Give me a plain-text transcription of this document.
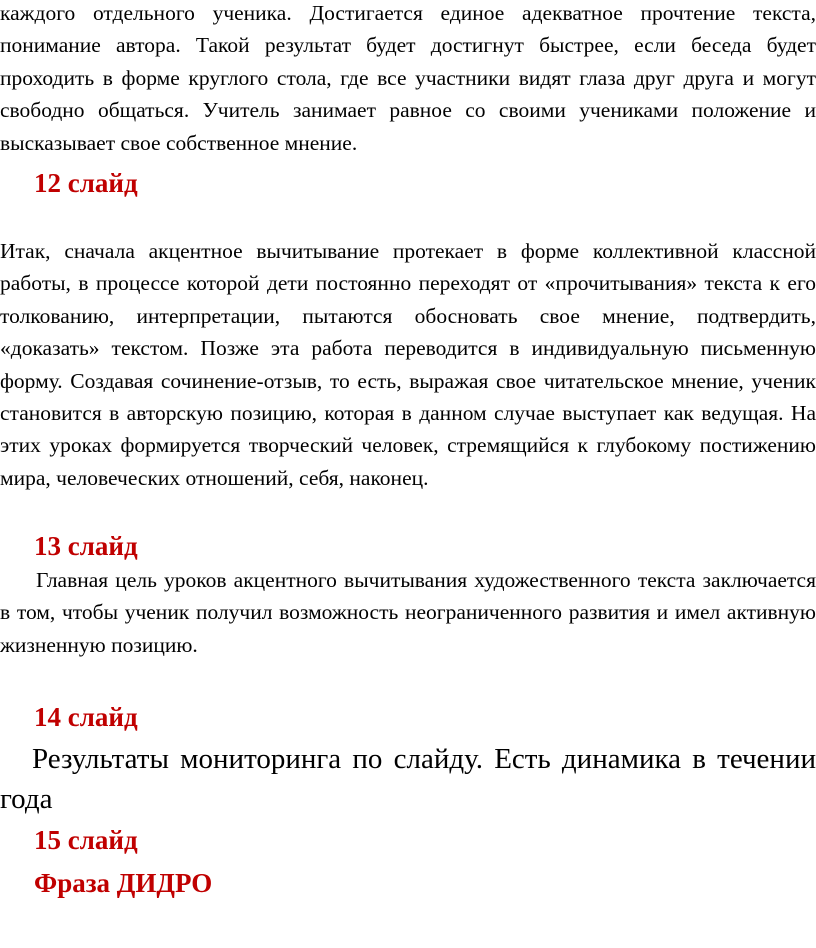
каждого отдельного ученика. Достигается единое адекватное прочтение текста, понимание автора. Такой результат будет достигнут быстрее, если беседа будет проходить в форме круглого стола, где все участники видят глаза друг друга и могут свободно общаться. Учитель занимает равное со своими учениками положение и высказывает свое собственное мнение.

12 слайд

Итак, сначала акцентное вычитывание протекает в форме коллективной классной работы, в процессе которой дети постоянно переходят от «прочитывания» текста к его толкованию, интерпретации, пытаются обосновать свое мнение, подтвердить, «доказать» текстом. Позже эта работа переводится в индивидуальную письменную форму. Создавая сочинение-отзыв, то есть, выражая свое читательское мнение, ученик становится в авторскую позицию, которая в данном случае выступает как ведущая. На этих уроках формируется творческий человек, стремящийся к глубокому постижению мира, человеческих отношений, себя, наконец.

13 слайд

Главная цель уроков акцентного вычитывания художественного текста заключается в том, чтобы ученик получил возможность неограниченного развития и имел активную жизненную позицию.

14 слайд

Результаты мониторинга по слайду. Есть динамика в течении года

15 слайд
Фраза ДИДРО
